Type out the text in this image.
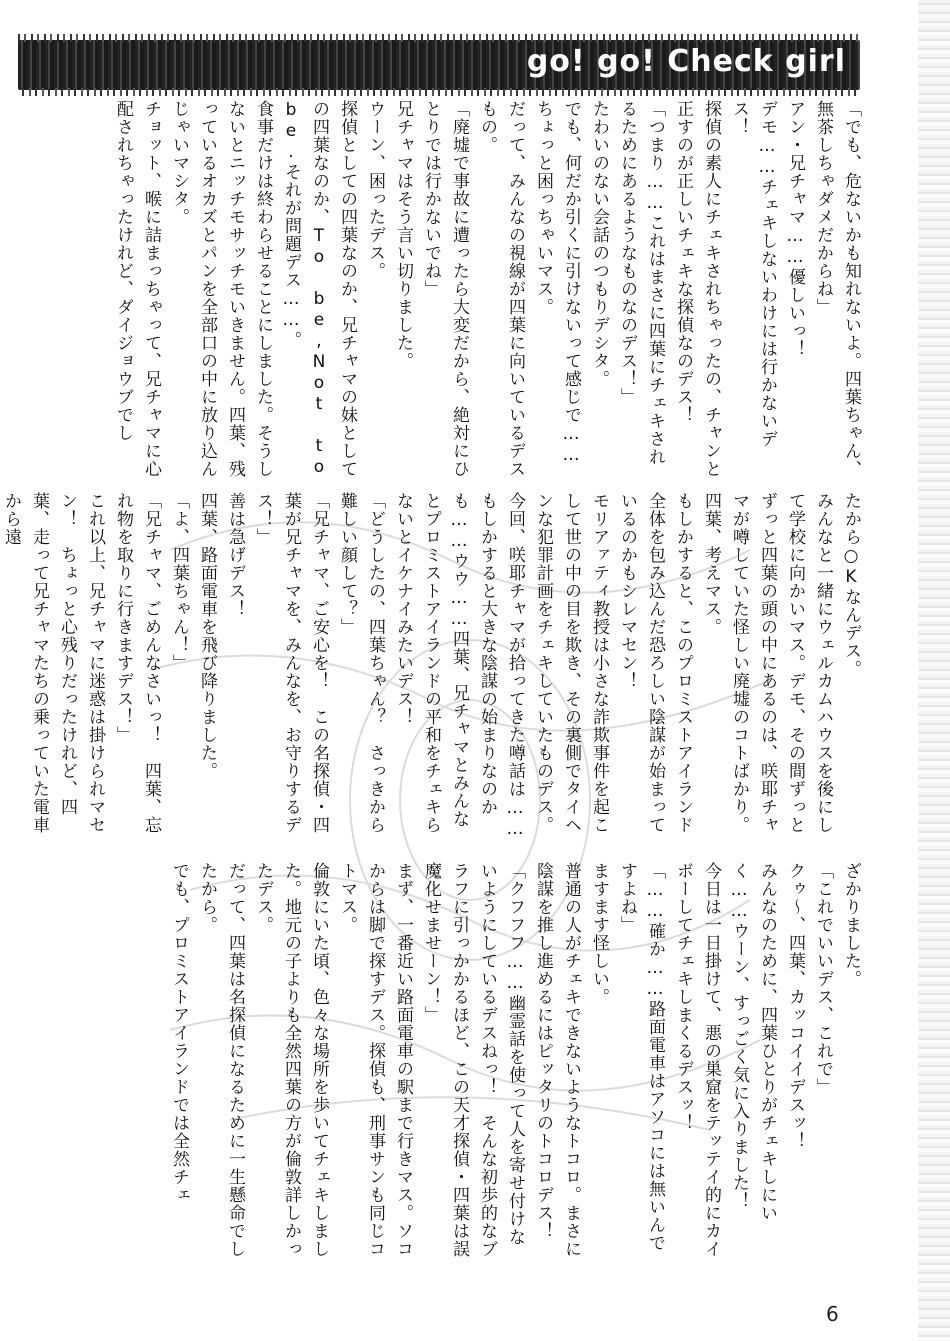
go! go! Check girl
「でも、危ないかも知れないよ。四葉ちゃん、無茶しちゃダメだからね」
アン・兄チャマ……優しいっ！
デモ……チェキしないわけには行かないデス！
探偵の素人にチェキされちゃったの、チャンと正すのが正しいチェキな探偵なのデス！
「つまり……これはまさに四葉にチェキされるためにあるようなものなのデス！」
たわいのない会話のつもりデシタ。
でも、何だか引くに引けないって感じで……ちょっと困っちゃいマス。
だって、みんなの視線が四葉に向いているデスもの。
「廃墟で事故に遭ったら大変だから、絶対にひとりでは行かないでね」
兄チャマはそう言い切りました。
ウーン、困ったデス。
探偵としての四葉なのか、兄チャマの妹としての四葉なのか、To be,Not to be.それが問題デス……。
食事だけは終わらせることにしました。そうしないとニッチモサッチモいきません。四葉、残っているオカズとパンを全部口の中に放り込んじゃいマシタ。
チョット、喉に詰まっちゃって、兄チャマに心配されちゃったけれど、ダイジョウブでし
たから○Kなんデス。
みんなと一緒にウェルカムハウスを後にして学校に向かいマス。デモ、その間ずっとずっと四葉の頭の中にあるのは、咲耶チャマが噂していた怪しい廃墟のコトばかり。
四葉、考えマス。
もしかすると、このプロミストアイランド全体を包み込んだ恐ろしい陰謀が始まっているのかもシレマセン！
モリアァティ教授は小さな詐欺事件を起こして世の中の目を欺き、その裏側でタイヘンな犯罪計画をチェキしていたものデス。
今回、咲耶チャマが拾ってきた噂話は……もしかすると大きな陰謀の始まりなのかも……ウウ……四葉、兄チャマとみんなとプロミストアイランドの平和をチェキらないとイケナイみたいデス！
「どうしたの、四葉ちゃん？　さっきから難しい顔して？」
「兄チャマ、ご安心を！　この名探偵・四葉が兄チャマを、みんなを、お守りするデス！」
善は急げデス！
四葉、路面電車を飛び降りました。
「よ、四葉ちゃん！」
「兄チャマ、ごめんなさいっ！　四葉、忘れ物を取りに行きますデス！」
これ以上、兄チャマに迷惑は掛けられマセン！　ちょっと心残りだったけれど、四葉、走って兄チャマたちの乗っていた電車から遠
ざかりました。
「これでいいデス、これで」
クゥ〜、四葉、カッコイイデスッ！
みんなのために、四葉ひとりがチェキしにいく……ウーン、すっごく気に入りました！
今日は一日掛けて、悪の巣窟をテッテイ的にカイボーしてチェキしまくるデスッ！
「……確か……路面電車はアソコには無いんですよね」
ますます怪しい。
普通の人がチェキできないようなトコロ。まさに陰謀を推し進めるにはピッタリのトコロデス！
「クフフフ……幽霊話を使って人を寄せ付けないようにしているデスねっ！　そんな初歩的なブラフに引っかかるほど、この天才探偵・四葉は誤魔化せませーン！」
まず、一番近い路面電車の駅まで行きマス。ソコからは脚で探すデス。探偵も、刑事サンも同じコトマス。
倫敦にいた頃、色々な場所を歩いてチェキしました。地元の子よりも全然四葉の方が倫敦詳しかったデス。
だって、四葉は名探偵になるために一生懸命でしたから。
でも、プロミストアイランドでは全然チェ
6
